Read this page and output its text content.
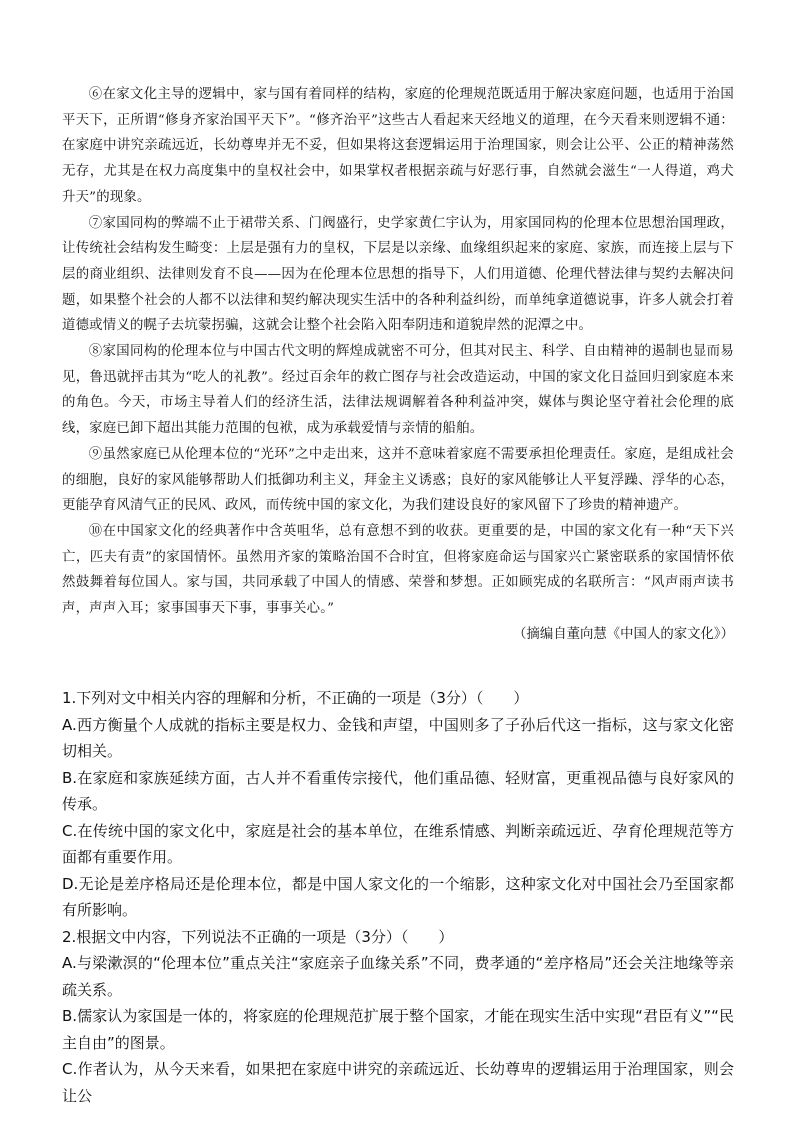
⑥在家文化主导的逻辑中，家与国有着同样的结构，家庭的伦理规范既适用于解决家庭问题，也适用于治国平天下，正所谓“修身齐家治国平天下”。“修齐治平”这些古人看起来天经地义的道理，在今天看来则逻辑不通：在家庭中讲究亲疏远近，长幼尊卑并无不妥，但如果将这套逻辑运用于治理国家，则会让公平、公正的精神荡然无存，尤其是在权力高度集中的皇权社会中，如果掌权者根据亲疏与好恶行事，自然就会滋生“一人得道，鸡犬升天”的现象。

⑦家国同构的弊端不止于裙带关系、门阀盛行，史学家黄仁宇认为，用家国同构的伦理本位思想治国理政，让传统社会结构发生畸变：上层是强有力的皇权，下层是以亲缘、血缘组织起来的家庭、家族，而连接上层与下层的商业组织、法律则发育不良——因为在伦理本位思想的指导下，人们用道德、伦理代替法律与契约去解决问题，如果整个社会的人都不以法律和契约解决现实生活中的各种利益纠纷，而单纯拿道德说事，许多人就会打着道德或情义的幌子去坑蒙拐骗，这就会让整个社会陷入阳奉阴违和道貌岸然的泥潭之中。

⑧家国同构的伦理本位与中国古代文明的辉煌成就密不可分，但其对民主、科学、自由精神的遏制也显而易见，鲁迅就抨击其为“吃人的礼教”。经过百余年的救亡图存与社会改造运动，中国的家文化日益回归到家庭本来的角色。今天，市场主导着人们的经济生活，法律法规调解着各种利益冲突，媒体与舆论坚守着社会伦理的底线，家庭已卸下超出其能力范围的包袱，成为承载爱情与亲情的船舶。

⑨虽然家庭已从伦理本位的“光环”之中走出来，这并不意味着家庭不需要承担伦理责任。家庭，是组成社会的细胞，良好的家风能够帮助人们抵御功利主义，拜金主义诱惑；良好的家风能够让人平复浮躁、浮华的心态，更能孕育风清气正的民风、政风，而传统中国的家文化，为我们建设良好的家风留下了珍贵的精神遗产。

⑩在中国家文化的经典著作中含英咀华，总有意想不到的收获。更重要的是，中国的家文化有一种“天下兴亡，匹夫有责”的家国情怀。虽然用齐家的策略治国不合时宜，但将家庭命运与国家兴亡紧密联系的家国情怀依然鼓舞着每位国人。家与国，共同承载了中国人的情感、荣誉和梦想。正如顾宪成的名联所言：“风声雨声读书声，声声入耳；家事国事天下事，事事关心。”

（摘编自董向慧《中国人的家文化》）

1.下列对文中相关内容的理解和分析，不正确的一项是（3分）（　　）

A.西方衡量个人成就的指标主要是权力、金钱和声望，中国则多了子孙后代这一指标，这与家文化密切相关。

B.在家庭和家族延续方面，古人并不看重传宗接代，他们重品德、轻财富，更重视品德与良好家风的传承。

C.在传统中国的家文化中，家庭是社会的基本单位，在维系情感、判断亲疏远近、孕育伦理规范等方面都有重要作用。

D.无论是差序格局还是伦理本位，都是中国人家文化的一个缩影，这种家文化对中国社会乃至国家都有所影响。

2.根据文中内容，下列说法不正确的一项是（3分）（　　）

A.与梁漱溟的“伦理本位”重点关注“家庭亲子血缘关系”不同，费孝通的“差序格局”还会关注地缘等亲疏关系。

B.儒家认为家国是一体的，将家庭的伦理规范扩展于整个国家，才能在现实生活中实现“君臣有义”“民主自由”的图景。

C.作者认为，从今天来看，如果把在家庭中讲究的亲疏远近、长幼尊卑的逻辑运用于治理国家，则会让公
